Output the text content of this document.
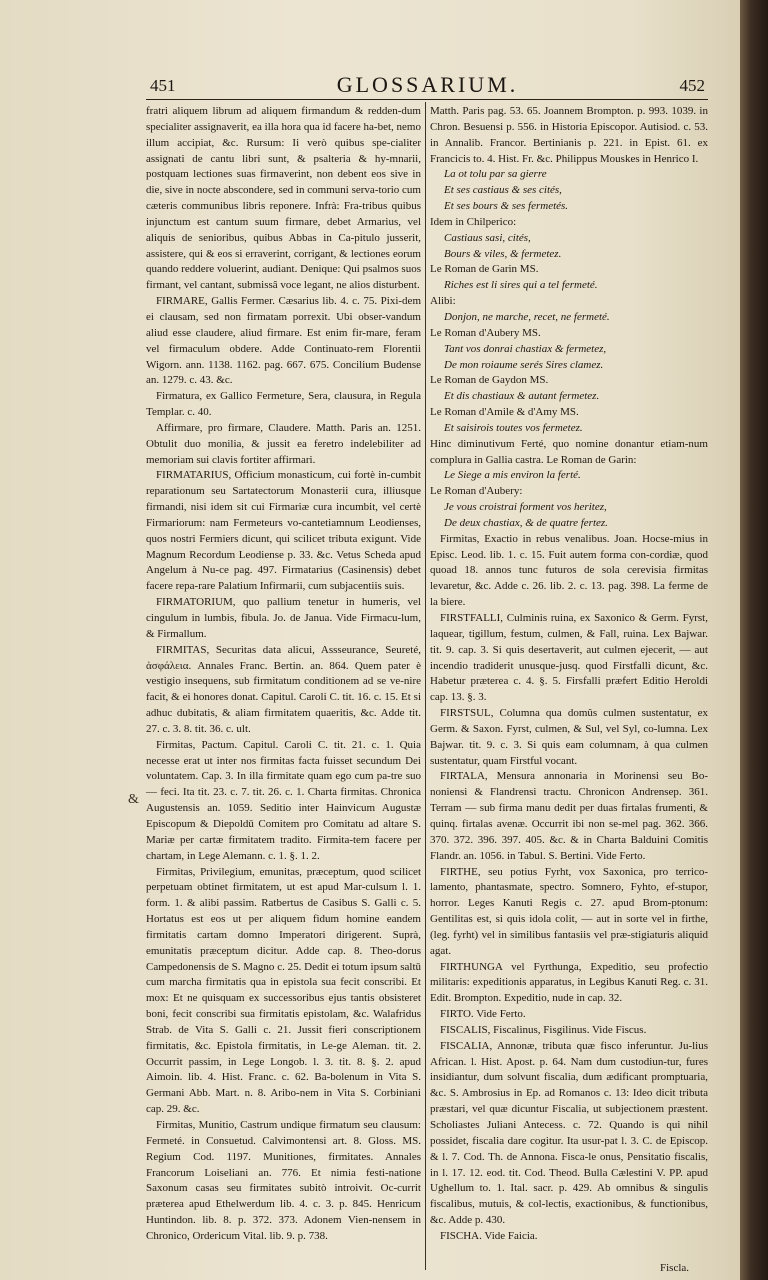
451	GLOSSARIUM.	452

fratri aliquem librum ad aliquem firmandum & redden-dum specialiter assignaverit, ea illa hora qua id facere ha-bet, nemo illum accipiat, &c. Rursum: Ii verò quibus spe-cialiter assignati de cantu libri sunt, & psalteria & hy-mnarii, postquam lectiones suas firmaverint, non debent eos sive in die, sive in nocte abscondere, sed in communi serva-torio cum cæteris communibus libris reponere. Infrà: Fra-tribus quibus injunctum est cantum suum firmare, debet Armarius, vel aliquis de senioribus, quibus Abbas in Ca-pitulo jusserit, assistere, qui & eos si erraverint, corrigant, & lectiones eorum quando reddere voluerint, audiant. Denique: Qui psalmos suos firmant, vel cantant, submissâ voce legant, ne alios disturbent.

FIRMARE, Gallis Fermer. Cæsarius lib. 4. c. 75. Pixi-dem ei clausam, sed non firmatam porrexit. Ubi obser-vandum aliud esse claudere, aliud firmare. Est enim fir-mare, feram vel firmaculum obdere. Adde Continuato-rem Florentii Wigorn. ann. 1138. 1162. pag. 667. 675. Concilium Budense an. 1279. c. 43. &c.

Firmatura, ex Gallico Fermeture, Sera, clausura, in Regula Templar. c. 40.

Affirmare, pro firmare, Claudere. Matth. Paris an. 1251. Obtulit duo monilia, & jussit ea feretro indelebiliter ad memoriam sui clavis fortiter affirmari.

FIRMATARIUS, Officium monasticum, cui fortè in-cumbit reparationum seu Sartatectorum Monasterii cura, illiusque firmandi, nisi idem sit cui Firmariæ cura incumbit, vel certè Firmariorum: nam Fermeteurs vo-cantetiamnum Leodienses, quos nostri Fermiers dicunt, qui scilicet tributa exigunt. Vide Magnum Recordum Leodiense p. 33. &c. Vetus Scheda apud Angelum à Nu-ce pag. 497. Firmatarius (Casinensis) debet facere repa-rare Palatium Infirmarii, cum subjacentiis suis.

FIRMATORIUM, quo pallium tenetur in humeris, vel cingulum in lumbis, fibula. Jo. de Janua. Vide Firmacu-lum, & Firmallum.

FIRMITAS, Securitas data alicui, Assseurance, Seureté, ἀσφάλεια. Annales Franc. Bertin. an. 864. Quem pater è vestigio insequens, sub firmitatum conditionem ad se ve-nire facit, & ei honores donat. Capitul. Caroli C. tit. 16. c. 15. Et si adhuc dubitatis, & aliam firmitatem quaeritis, &c. Adde tit. 27. c. 3. 8. tit. 36. c. ult.

Firmitas, Pactum. Capitul. Caroli C. tit. 21. c. 1. Quia necesse erat ut inter nos firmitas facta fuisset secundum Dei voluntatem. Cap. 3. In illa firmitate quam ego cum pa-tre suo — feci. Ita tit. 23. c. 7. tit. 26. c. 1. Charta firmitas. Chronica Augustensis an. 1059. Seditio inter Hainvicum Augustæ Episcopum & Diepoldū Comitem pro Comitatu ad altare S. Mariæ per cartæ firmitatem tradito. Firmita-tem facere per chartam, in Lege Alemann. c. 1. §. 1. 2.

Firmitas, Privilegium, emunitas, præceptum, quod scilicet perpetuam obtinet firmitatem, ut est apud Mar-culsum l. 1. form. 1. & alibi passim. Ratbertus de Casibus S. Galli c. 5. Hortatus est eos ut per aliquem fidum homine eandem firmitatis cartam domno Imperatori dirigerent. Suprà, emunitatis præceptum dicitur. Adde cap. 8. Theo-dorus Campedonensis de S. Magno c. 25. Dedit ei totum ipsum saltū cum marcha firmitatis qua in epistola sua fecit conscribi. Et mox: Et ne quisquam ex successoribus ejus tantis obsisteret boni, fecit conscribi sua firmitatis epistolam, &c. Walafridus Strab. de Vita S. Galli c. 21. Jussit fieri conscriptionem firmitatis, &c. Epistola firmitatis, in Le-ge Aleman. tit. 2. Occurrit passim, in Lege Longob. l. 3. tit. 8. §. 2. apud Aimoin. lib. 4. Hist. Franc. c. 62. Ba-bolenum in Vita S. Germani Abb. Mart. n. 8. Aribo-nem in Vita S. Corbiniani cap. 29. &c.

Firmitas, Munitio, Castrum undique firmatum seu clausum: Fermeté. in Consuetud. Calvimontensi art. 8. Gloss. MS. Regium Cod. 1197. Munitiones, firmitates. Annales Francorum Loiseliani an. 776. Et nimia festi-natione Saxonum casas seu firmitates subitò introivit. Oc-currit præterea apud Ethelwerdum lib. 4. c. 3. p. 845. Henricum Huntindon. lib. 8. p. 372. 373. Adonem Vien-nensem in Chronico, Ordericum Vital. lib. 9. p. 738.

Matth. Paris pag. 53. 65. Joannem Brompton. p. 993. 1039. in Chron. Besuensi p. 556. in Historia Episcopor. Autisiod. c. 53. in Annalib. Francor. Bertinianis p. 221. in Epist. 61. ex Francicis to. 4. Hist. Fr. &c. Philippus Mouskes in Henrico I.

La ot tolu par sa gierre

Et ses castiaus & ses cités,

Et ses bours & ses fermetés.

Idem in Chilperico:

Castiaus sasi, cités,

Bours & viles, & fermetez.

Le Roman de Garin MS.

Riches est li sires qui a tel fermeté.

Alibi:

Donjon, ne marche, recet, ne fermeté.

Le Roman d'Aubery MS.

Tant vos donrai chastiax & fermetez,

De mon roiaume serés Sires clamez.

Le Roman de Gaydon MS.

Et dis chastiaux & autant fermetez.

Le Roman d'Amile & d'Amy MS.

Et saisirois toutes vos fermetez.

Hinc diminutivum Ferté, quo nomine donantur etiam-num complura in Gallia castra. Le Roman de Garin:

Le Siege a mis environ la ferté.

Le Roman d'Aubery:

Je vous croistrai forment vos heritez,

De deux chastiax, & de quatre fertez.

Firmitas, Exactio in rebus venalibus. Joan. Hocse-mius in Episc. Leod. lib. 1. c. 15. Fuit autem forma con-cordiæ, quod quoad 18. annos tunc futuros de sola cerevisia firmitas levaretur, &c. Adde c. 26. lib. 2. c. 13. pag. 398. La ferme de la biere.

FIRSTFALLI, Culminis ruina, ex Saxonico & Germ. Fyrst, laquear, tigillum, festum, culmen, & Fall, ruina. Lex Bajwar. tit. 9. cap. 3. Si quis desertaverit, aut culmen ejecerit, — aut incendio tradiderit unusque-jusq. quod Firstfalli dicunt, &c. Habetur præterea c. 4. §. 5. Firsfalli præfert Editio Heroldi cap. 13. §. 3.

FIRSTSUL, Columna qua domûs culmen sustentatur, ex Germ. & Saxon. Fyrst, culmen, & Sul, vel Syl, co-lumna. Lex Bajwar. tit. 9. c. 3. Si quis eam columnam, à qua culmen sustentatur, quam Firstful vocant.

FIRTALA, Mensura annonaria in Morinensi seu Bo-noniensi & Flandrensi tractu. Chronicon Andrensep. 361. Terram — sub firma manu dedit per duas firtalas frumenti, & quinq. firtalas avenæ. Occurrit ibi non se-mel pag. 362. 366. 370. 372. 396. 397. 405. &c. & in Charta Balduini Comitis Flandr. an. 1056. in Tabul. S. Bertini. Vide Ferto.

FIRTHE, seu potius Fyrht, vox Saxonica, pro terrico-lamento, phantasmate, spectro. Somnero, Fyhto, ef-stupor, horror. Leges Kanuti Regis c. 27. apud Brom-ptonum: Gentilitas est, si quis idola colit, — aut in sorte vel in firthe, (leg. fyrht) vel in similibus fantasiis vel præ-stigiaturis aliquid agat.

FIRTHUNGA vel Fyrthunga, Expeditio, seu profectio militaris: expeditionis apparatus, in Legibus Kanuti Reg. c. 31. Edit. Brompton. Expeditio, nude in cap. 32.

FIRTO. Vide Ferto.

FISCALIS, Fiscalinus, Fisgilinus. Vide Fiscus.

FISCALIA, Annonæ, tributa quæ fisco inferuntur. Ju-lius African. l. Hist. Apost. p. 64. Nam dum custodiun-tur, fures insidiantur, dum solvunt fiscalia, dum ædificant promptuaria, &c. S. Ambrosius in Ep. ad Romanos c. 13: Ideo dicit tributa præstari, vel quæ dicuntur Fiscalia, ut subjectionem præstent. Scholiastes Juliani Antecess. c. 72. Quando is qui nihil possidet, fiscalia dare cogitur. Ita usur-pat l. 3. C. de Episcop. & l. 7. Cod. Th. de Annona. Fisca-le onus, Pensitatio fiscalis, in l. 17. 12. eod. tit. Cod. Theod. Bulla Cælestini V. PP. apud Ughellum to. 1. Ital. sacr. p. 429. Ab omnibus & singulis fiscalibus, mutuis, & col-lectis, exactionibus, & functionibus, &c. Adde p. 430.

FISCHA. Vide Faicia.

&
Fiscla.
